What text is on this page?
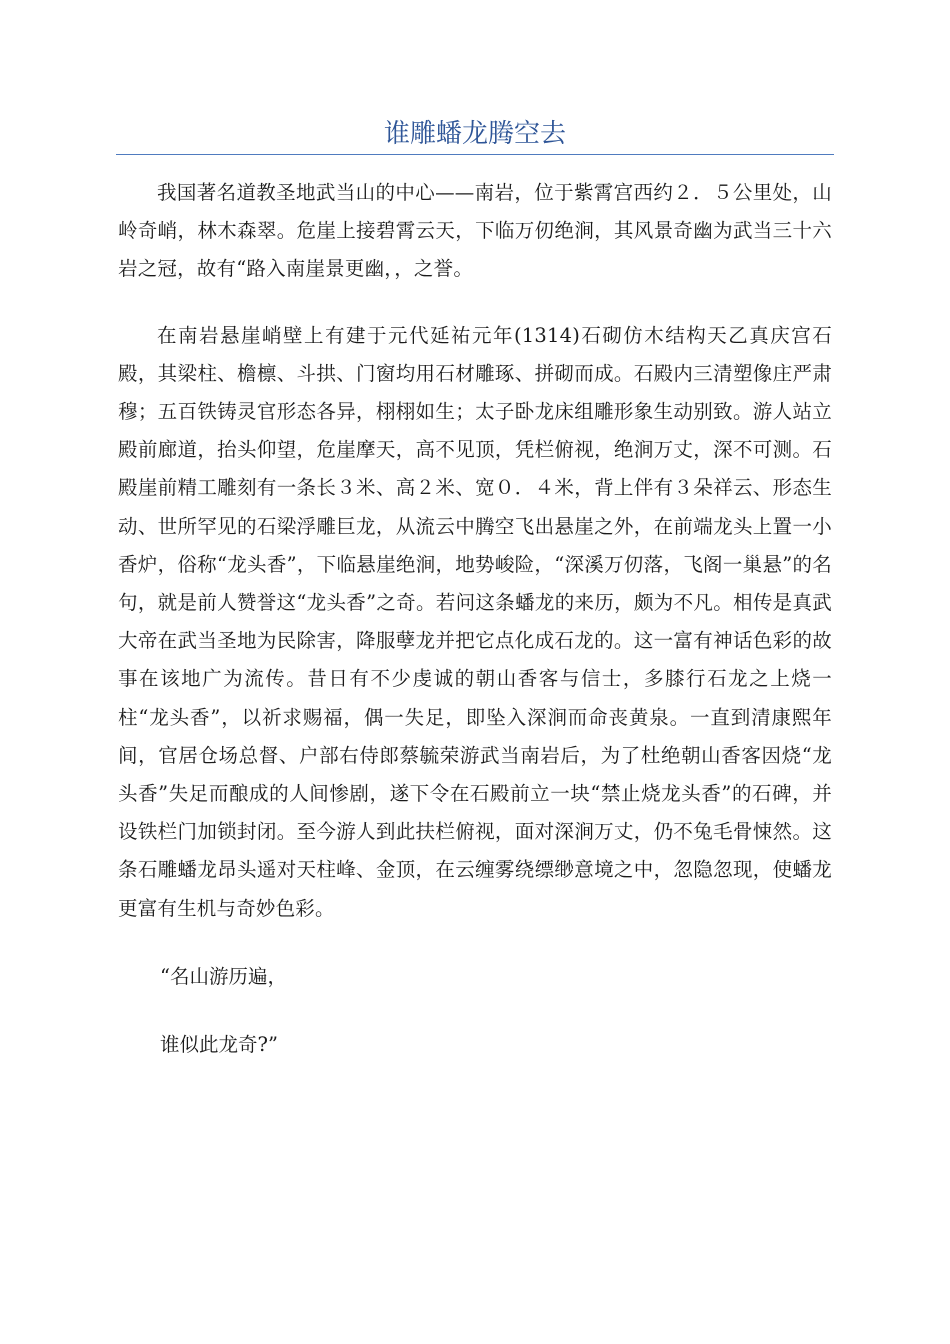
谁雕蟠龙腾空去

我国著名道教圣地武当山的中心——南岩，位于紫霄宫西约２．５公里处，山岭奇峭，林木森翠。危崖上接碧霄云天，下临万仞绝涧，其风景奇幽为武当三十六岩之冠，故有“路入南崖景更幽，，之誉。

在南岩悬崖峭壁上有建于元代延祐元年(1314)石砌仿木结构天乙真庆宫石殿，其梁柱、檐檩、斗拱、门窗均用石材雕琢、拼砌而成。石殿内三清塑像庄严肃穆；五百铁铸灵官形态各异，栩栩如生；太子卧龙床组雕形象生动别致。游人站立殿前廊道，抬头仰望，危崖摩天，高不见顶，凭栏俯视，绝涧万丈，深不可测。石殿崖前精工雕刻有一条长３米、高２米、宽０．４米，背上伴有３朵祥云、形态生动、世所罕见的石梁浮雕巨龙，从流云中腾空飞出悬崖之外，在前端龙头上置一小香炉，俗称“龙头香”，下临悬崖绝涧，地势峻险，“深溪万仞落，飞阁一巢悬”的名句，就是前人赞誉这“龙头香”之奇。若问这条蟠龙的来历，颇为不凡。相传是真武大帝在武当圣地为民除害，降服孽龙并把它点化成石龙的。这一富有神话色彩的故事在该地广为流传。昔日有不少虔诚的朝山香客与信士，多膝行石龙之上烧一柱“龙头香”，以祈求赐福，偶一失足，即坠入深涧而命丧黄泉。一直到清康熙年间，官居仓场总督、户部右侍郎蔡毓荣游武当南岩后，为了杜绝朝山香客因烧“龙头香”失足而酿成的人间惨剧，遂下令在石殿前立一块“禁止烧龙头香”的石碑，并设铁栏门加锁封闭。至今游人到此扶栏俯视，面对深涧万丈，仍不兔毛骨悚然。这条石雕蟠龙昂头遥对天柱峰、金顶，在云缠雾绕缥缈意境之中，忽隐忽现，使蟠龙更富有生机与奇妙色彩。

“名山游历遍，

谁似此龙奇?”
